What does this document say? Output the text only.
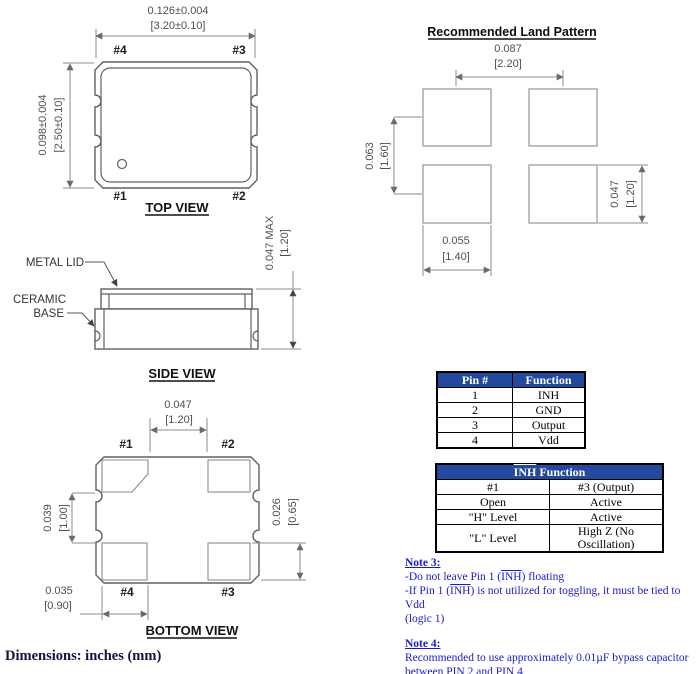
0.126±0.004
[3.20±0.10]
0.098±0.004 [2.50±0.10]
#4	#3
#1	#2
TOP VIEW
Recommended Land Pattern
0.087
[2.20]
0.063 [1.60]
0.047 [1.20]
0.055
[1.40]
METAL LID
CERAMIC
BASE
0.047 MAX [1.20]
SIDE VIEW
0.047
[1.20]
#1	#2
#4	#3
0.039 [1.00]	0.026 [0.65]
0.035
[0.90]
BOTTOM VIEW
Pin #	Function
1	$\overline{INH}$
2	GND
3	Output
4	Vdd
$\overline{INH}$ Function	
#1	#3 (Output)
Open	Active
"H" Level	Active
"L" Level	High Z (No Oscillation)
Note 3:
-Do not leave Pin 1 $(\overline{INH})$ floating
-If Pin 1 $(\overline{INH})$ is not utilized for toggling, it must be tied to Vdd
(logic 1)
Note 4:
Recommended to use approximately 0.01µF bypass capacitor
between PIN 2 and PIN 4
Dimensions: inches (mm)
